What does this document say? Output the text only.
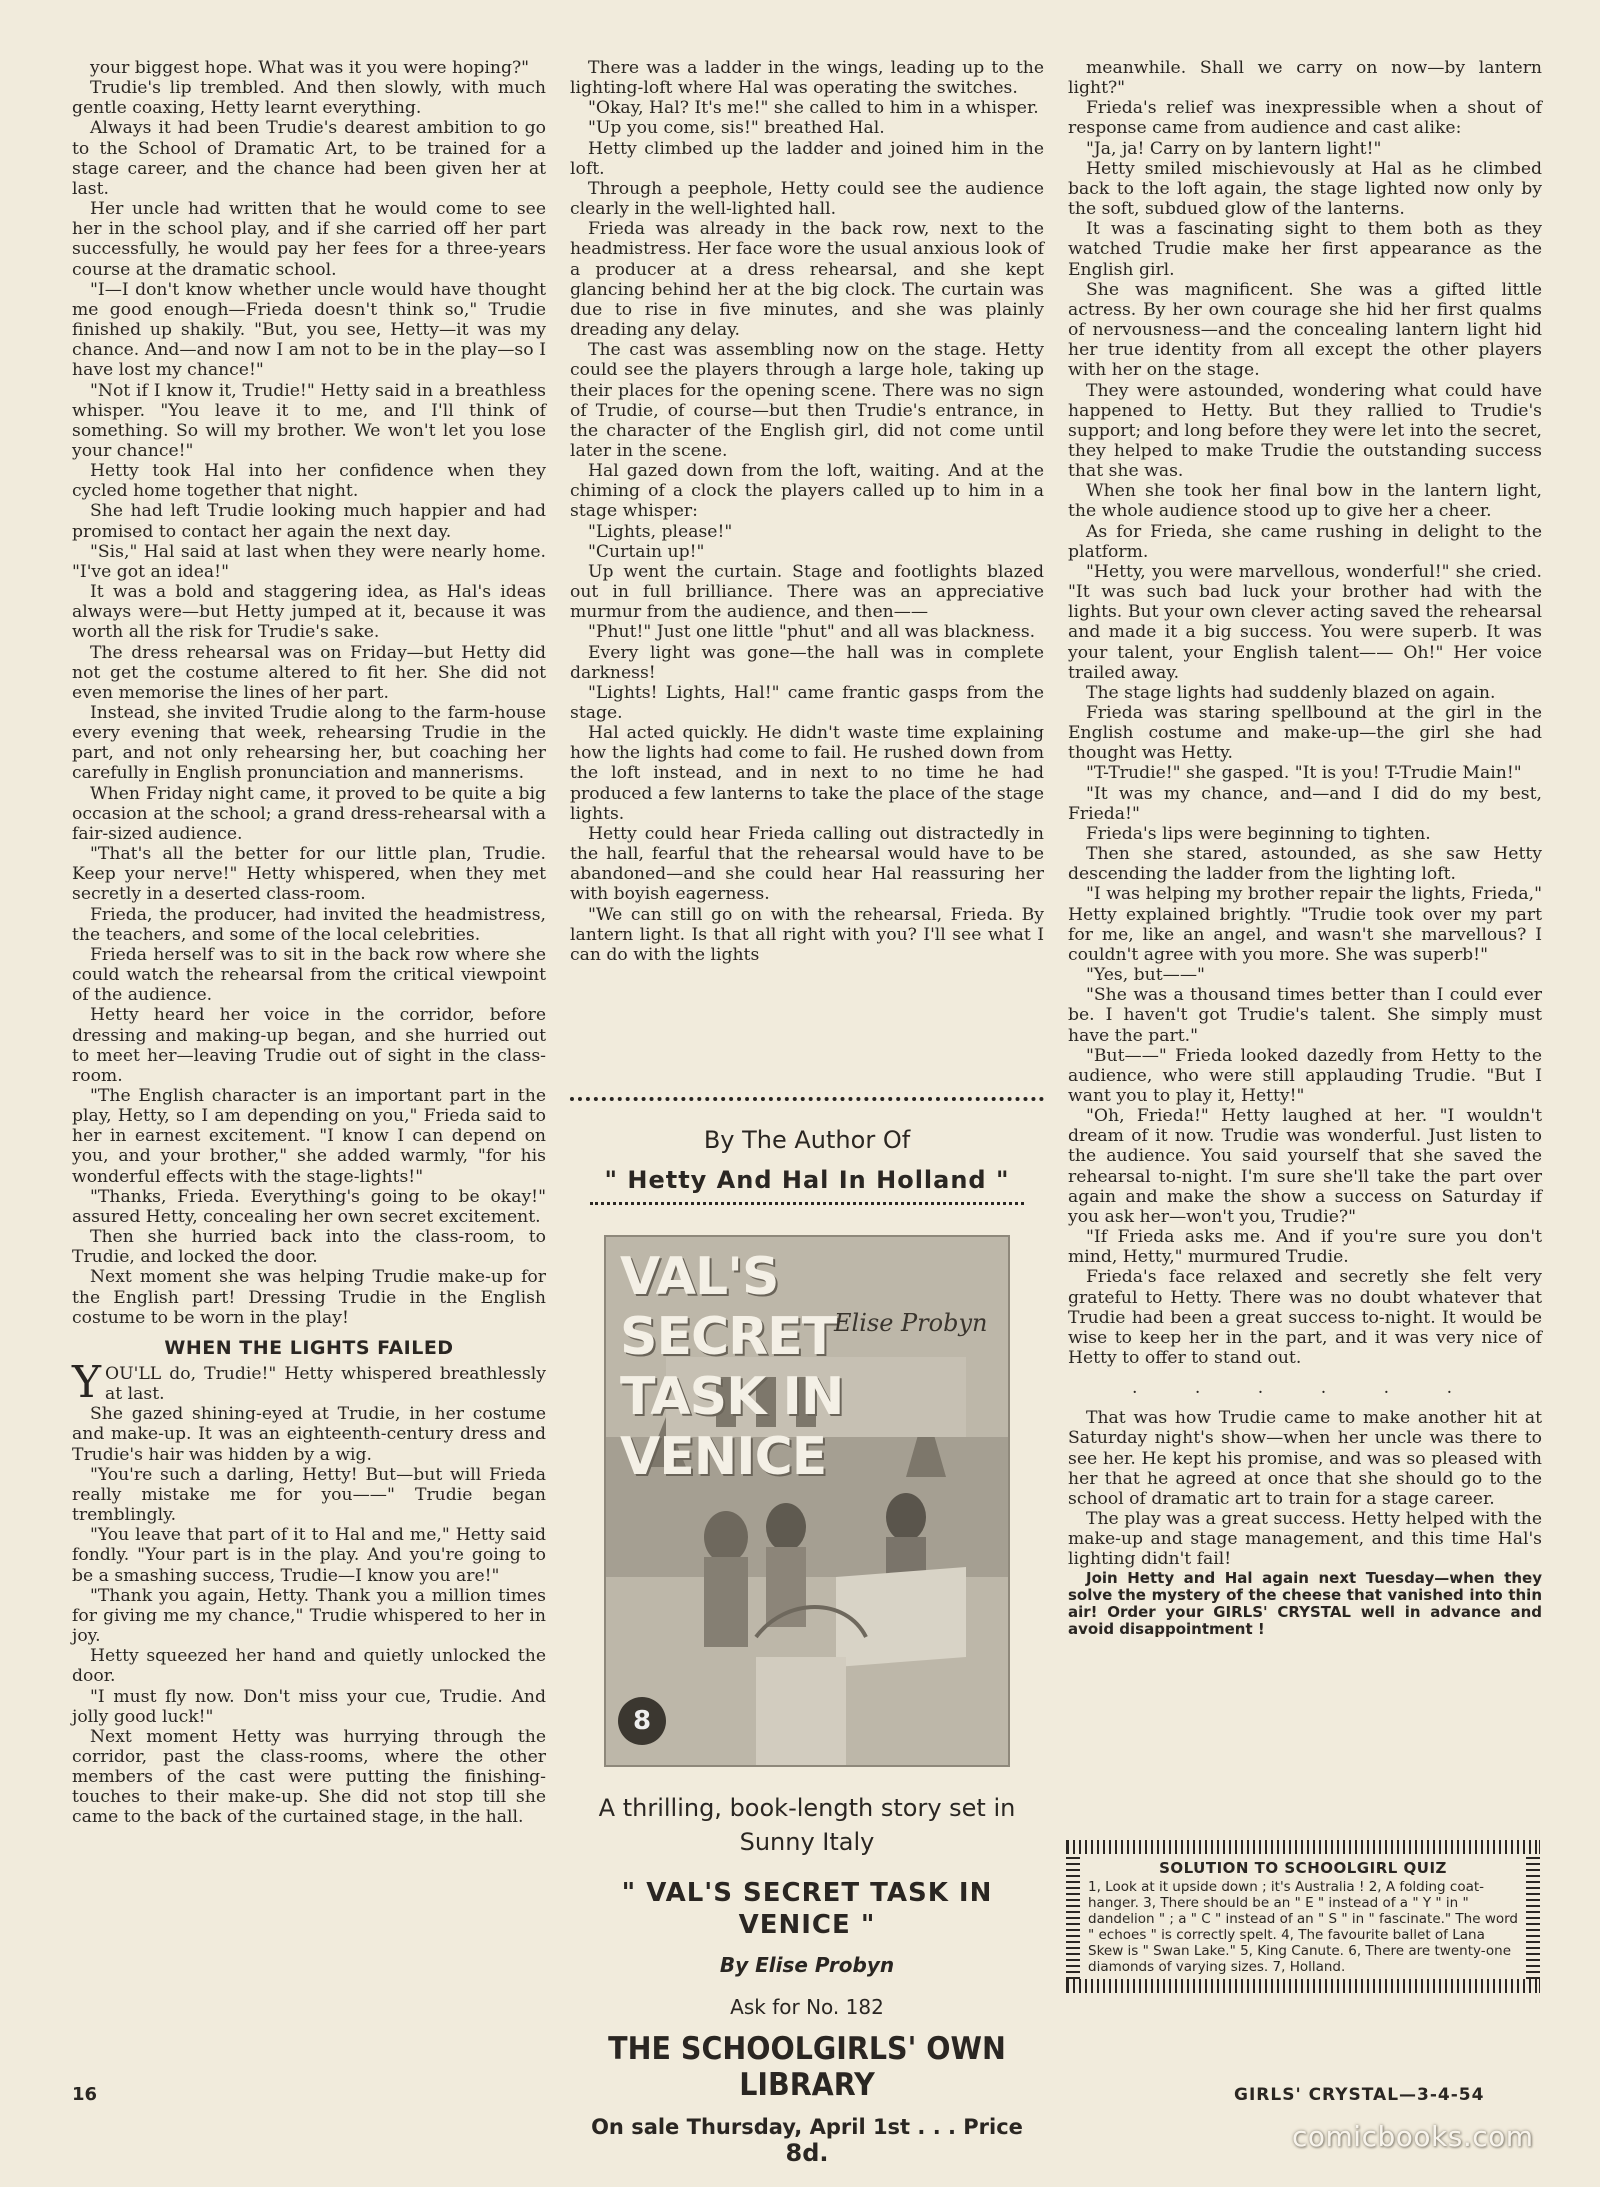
your biggest hope. What was it you were hoping?"

Trudie's lip trembled. And then slowly, with much gentle coaxing, Hetty learnt everything.

Always it had been Trudie's dearest ambition to go to the School of Dramatic Art, to be trained for a stage career, and the chance had been given her at last.

Her uncle had written that he would come to see her in the school play, and if she carried off her part successfully, he would pay her fees for a three-years course at the dramatic school.

"I—I don't know whether uncle would have thought me good enough—Frieda doesn't think so," Trudie finished up shakily. "But, you see, Hetty—it was my chance. And—and now I am not to be in the play—so I have lost my chance!"

"Not if I know it, Trudie!" Hetty said in a breathless whisper. "You leave it to me, and I'll think of something. So will my brother. We won't let you lose your chance!"

Hetty took Hal into her confidence when they cycled home together that night.

She had left Trudie looking much happier and had promised to contact her again the next day.

"Sis," Hal said at last when they were nearly home. "I've got an idea!"

It was a bold and staggering idea, as Hal's ideas always were—but Hetty jumped at it, because it was worth all the risk for Trudie's sake.

The dress rehearsal was on Friday—but Hetty did not get the costume altered to fit her. She did not even memorise the lines of her part.

Instead, she invited Trudie along to the farm-house every evening that week, rehearsing Trudie in the part, and not only rehearsing her, but coaching her carefully in English pronunciation and mannerisms.

When Friday night came, it proved to be quite a big occasion at the school; a grand dress-rehearsal with a fair-sized audience.

"That's all the better for our little plan, Trudie. Keep your nerve!" Hetty whispered, when they met secretly in a deserted class-room.

Frieda, the producer, had invited the headmistress, the teachers, and some of the local celebrities.

Frieda herself was to sit in the back row where she could watch the rehearsal from the critical viewpoint of the audience.

Hetty heard her voice in the corridor, before dressing and making-up began, and she hurried out to meet her—leaving Trudie out of sight in the class-room.

"The English character is an important part in the play, Hetty, so I am depending on you," Frieda said to her in earnest excitement. "I know I can depend on you, and your brother," she added warmly, "for his wonderful effects with the stage-lights!"

"Thanks, Frieda. Everything's going to be okay!" assured Hetty, concealing her own secret excitement.

Then she hurried back into the class-room, to Trudie, and locked the door.

Next moment she was helping Trudie make-up for the English part! Dressing Trudie in the English costume to be worn in the play!

WHEN THE LIGHTS FAILED

YOU'LL do, Trudie!" Hetty whispered breathlessly at last.

She gazed shining-eyed at Trudie, in her costume and make-up. It was an eighteenth-century dress and Trudie's hair was hidden by a wig.

"You're such a darling, Hetty! But—but will Frieda really mistake me for you——" Trudie began tremblingly.

"You leave that part of it to Hal and me," Hetty said fondly. "Your part is in the play. And you're going to be a smashing success, Trudie—I know you are!"

"Thank you again, Hetty. Thank you a million times for giving me my chance," Trudie whispered to her in joy.

Hetty squeezed her hand and quietly unlocked the door.

"I must fly now. Don't miss your cue, Trudie. And jolly good luck!"

Next moment Hetty was hurrying through the corridor, past the class-rooms, where the other members of the cast were putting the finishing-touches to their make-up. She did not stop till she came to the back of the curtained stage, in the hall.

There was a ladder in the wings, leading up to the lighting-loft where Hal was operating the switches.

"Okay, Hal? It's me!" she called to him in a whisper.

"Up you come, sis!" breathed Hal.

Hetty climbed up the ladder and joined him in the loft.

Through a peephole, Hetty could see the audience clearly in the well-lighted hall.

Frieda was already in the back row, next to the headmistress. Her face wore the usual anxious look of a producer at a dress rehearsal, and she kept glancing behind her at the big clock. The curtain was due to rise in five minutes, and she was plainly dreading any delay.

The cast was assembling now on the stage. Hetty could see the players through a large hole, taking up their places for the opening scene. There was no sign of Trudie, of course—but then Trudie's entrance, in the character of the English girl, did not come until later in the scene.

Hal gazed down from the loft, waiting. And at the chiming of a clock the players called up to him in a stage whisper:

"Lights, please!"

"Curtain up!"

Up went the curtain. Stage and footlights blazed out in full brilliance. There was an appreciative murmur from the audience, and then——

"Phut!" Just one little "phut" and all was blackness.

Every light was gone—the hall was in complete darkness!

"Lights! Lights, Hal!" came frantic gasps from the stage.

Hal acted quickly. He didn't waste time explaining how the lights had come to fail. He rushed down from the loft instead, and in next to no time he had produced a few lanterns to take the place of the stage lights.

Hetty could hear Frieda calling out distractedly in the hall, fearful that the rehearsal would have to be abandoned—and she could hear Hal reassuring her with boyish eagerness.

"We can still go on with the rehearsal, Frieda. By lantern light. Is that all right with you? I'll see what I can do with the lights

By The Author Of
" Hetty And Hal In Holland "
VAL'S SECRET TASK IN VENICE
Elise Probyn
8
A thrilling, book-length story set in
Sunny Italy
" VAL'S SECRET TASK IN VENICE "
By Elise Probyn
Ask for No. 182
THE SCHOOLGIRLS' OWN LIBRARY
On sale Thursday, April 1st . . . Price 8d.

meanwhile. Shall we carry on now—by lantern light?"

Frieda's relief was inexpressible when a shout of response came from audience and cast alike:

"Ja, ja! Carry on by lantern light!"

Hetty smiled mischievously at Hal as he climbed back to the loft again, the stage lighted now only by the soft, subdued glow of the lanterns.

It was a fascinating sight to them both as they watched Trudie make her first appearance as the English girl.

She was magnificent. She was a gifted little actress. By her own courage she hid her first qualms of nervousness—and the concealing lantern light hid her true identity from all except the other players with her on the stage.

They were astounded, wondering what could have happened to Hetty. But they rallied to Trudie's support; and long before they were let into the secret, they helped to make Trudie the outstanding success that she was.

When she took her final bow in the lantern light, the whole audience stood up to give her a cheer.

As for Frieda, she came rushing in delight to the platform.

"Hetty, you were marvellous, wonderful!" she cried. "It was such bad luck your brother had with the lights. But your own clever acting saved the rehearsal and made it a big success. You were superb. It was your talent, your English talent—— Oh!" Her voice trailed away.

The stage lights had suddenly blazed on again.

Frieda was staring spellbound at the girl in the English costume and make-up—the girl she had thought was Hetty.

"T-Trudie!" she gasped. "It is you! T-Trudie Main!"

"It was my chance, and—and I did do my best, Frieda!"

Frieda's lips were beginning to tighten.

Then she stared, astounded, as she saw Hetty descending the ladder from the lighting loft.

"I was helping my brother repair the lights, Frieda," Hetty explained brightly. "Trudie took over my part for me, like an angel, and wasn't she marvellous? I couldn't agree with you more. She was superb!"

"Yes, but——"

"She was a thousand times better than I could ever be. I haven't got Trudie's talent. She simply must have the part."

"But——" Frieda looked dazedly from Hetty to the audience, who were still applauding Trudie. "But I want you to play it, Hetty!"

"Oh, Frieda!" Hetty laughed at her. "I wouldn't dream of it now. Trudie was wonderful. Just listen to the audience. You said yourself that she saved the rehearsal to-night. I'm sure she'll take the part over again and make the show a success on Saturday if you ask her—won't you, Trudie?"

"If Frieda asks me. And if you're sure you don't mind, Hetty," murmured Trudie.

Frieda's face relaxed and secretly she felt very grateful to Hetty. There was no doubt whatever that Trudie had been a great success to-night. It would be wise to keep her in the part, and it was very nice of Hetty to offer to stand out.

. . . . . .

That was how Trudie came to make another hit at Saturday night's show—when her uncle was there to see her. He kept his promise, and was so pleased with her that he agreed at once that she should go to the school of dramatic art to train for a stage career.

The play was a great success. Hetty helped with the make-up and stage management, and this time Hal's lighting didn't fail!

Join Hetty and Hal again next Tuesday—when they solve the mystery of the cheese that vanished into thin air! Order your GIRLS' CRYSTAL well in advance and avoid disappointment !

SOLUTION TO SCHOOLGIRL QUIZ
1, Look at it upside down ; it's Australia ! 2, A folding coat-hanger. 3, There should be an " E " instead of a " Y " in " dandelion " ; a " C " instead of an " S " in " fascinate." The word " echoes " is correctly spelt. 4, The favourite ballet of Lana Skew is " Swan Lake." 5, King Canute. 6, There are twenty-one diamonds of varying sizes. 7, Holland.
16	GIRLS' CRYSTAL—3-4-54
comicbooks.com
